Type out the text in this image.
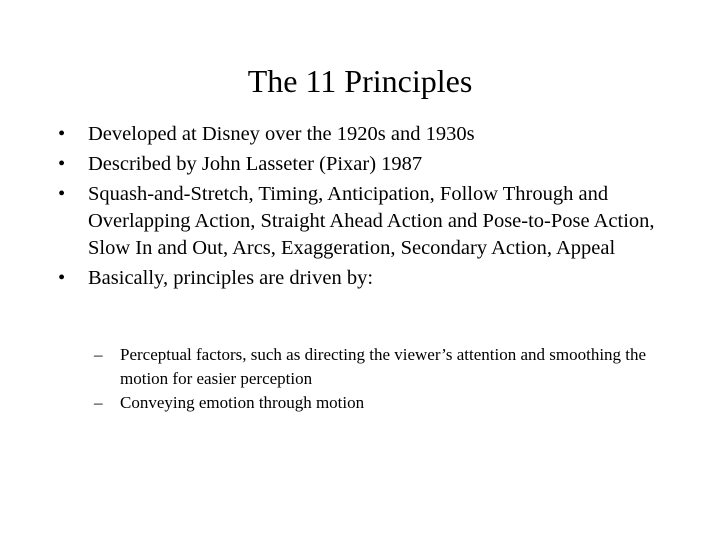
The 11 Principles
•	Developed at Disney over the 1920s and 1930s
•	Described by John Lasseter (Pixar) 1987
•	Squash-and-Stretch, Timing, Anticipation, Follow Through and Overlapping Action, Straight Ahead Action and Pose-to-Pose Action, Slow In and Out, Arcs, Exaggeration, Secondary Action, Appeal
•	Basically, principles are driven by:
–	Perceptual factors, such as directing the viewer’s attention and smoothing the motion for easier perception
–	Conveying emotion through motion
